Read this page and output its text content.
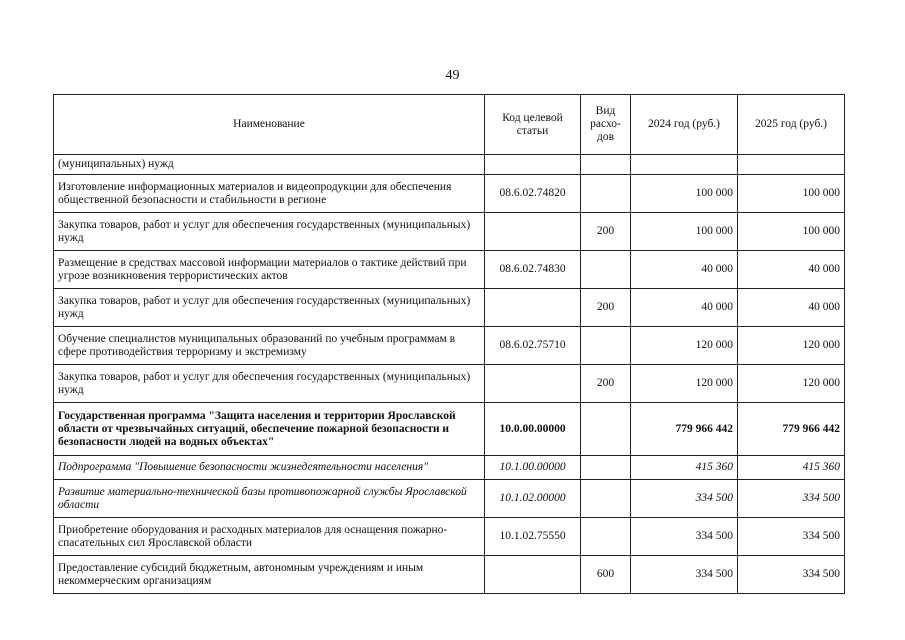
49
Наименование	Код целевой статьи	Вид расхо-дов	2024 год (руб.)	2025 год (руб.)
(муниципальных) нужд				
Изготовление информационных материалов и видеопродукции для обеспечения общественной безопасности и стабильности в регионе	08.6.02.74820		100 000	100 000
Закупка товаров, работ и услуг для обеспечения государственных (муниципальных) нужд		200	100 000	100 000
Размещение в средствах массовой информации материалов о тактике действий при угрозе возникновения террористических актов	08.6.02.74830		40 000	40 000
Закупка товаров, работ и услуг для обеспечения государственных (муниципальных) нужд		200	40 000	40 000
Обучение специалистов муниципальных образований по учебным программам в сфере противодействия терроризму и экстремизму	08.6.02.75710		120 000	120 000
Закупка товаров, работ и услуг для обеспечения государственных (муниципальных) нужд		200	120 000	120 000
Государственная программа "Защита населения и территории Ярославской области от чрезвычайных ситуаций, обеспечение пожарной безопасности и безопасности людей на водных объектах"	10.0.00.00000		779 966 442	779 966 442
Подпрограмма "Повышение безопасности жизнедеятельности населения"	10.1.00.00000		415 360	415 360
Развитие материально-технической базы противопожарной службы Ярославской области	10.1.02.00000		334 500	334 500
Приобретение оборудования и расходных материалов для оснащения пожарно-спасательных сил Ярославской области	10.1.02.75550		334 500	334 500
Предоставление субсидий бюджетным, автономным учреждениям и иным некоммерческим организациям		600	334 500	334 500
